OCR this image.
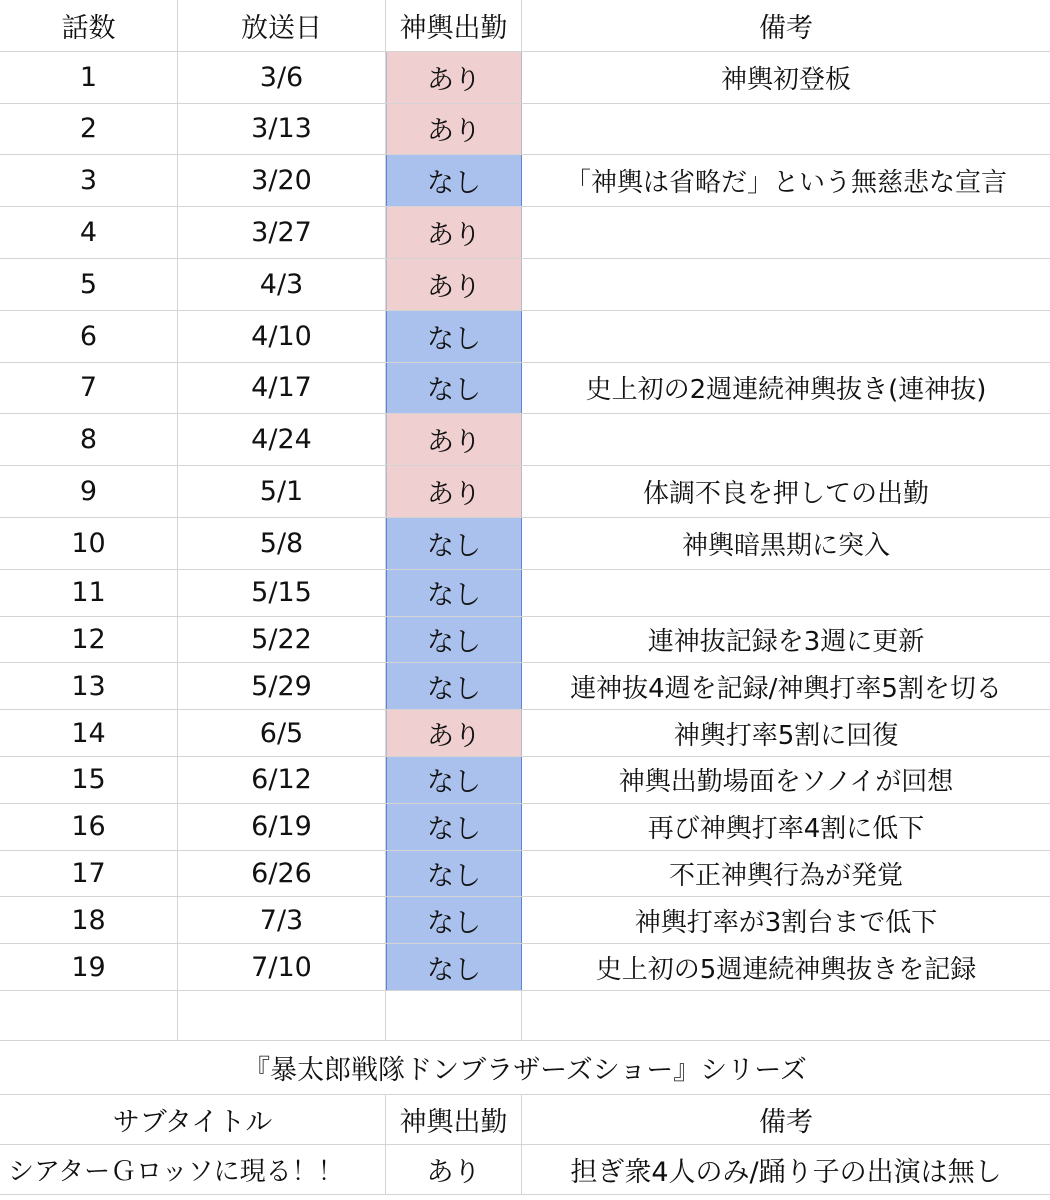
話数	放送日	神輿出勤	備考
1	3/6	あり	神輿初登板
2	3/13	あり
3	3/20	なし	「神輿は省略だ」という無慈悲な宣言
4	3/27	あり
5	4/3	あり
6	4/10	なし
7	4/17	なし	史上初の2週連続神輿抜き(連神抜)
8	4/24	あり
9	5/1	あり	体調不良を押しての出勤
10	5/8	なし	神輿暗黒期に突入
11	5/15	なし
12	5/22	なし	連神抜記録を3週に更新
13	5/29	なし	連神抜4週を記録/神輿打率5割を切る
14	6/5	あり	神輿打率5割に回復
15	6/12	なし	神輿出勤場面をソノイが回想
16	6/19	なし	再び神輿打率4割に低下
17	6/26	なし	不正神輿行為が発覚
18	7/3	なし	神輿打率が3割台まで低下
19	7/10	なし	史上初の5週連続神輿抜きを記録
『暴太郎戦隊ドンブラザーズショー』シリーズ
サブタイトル	神輿出勤	備考
シアターＧロッソに現る！！	あり	担ぎ衆4人のみ/踊り子の出演は無し
